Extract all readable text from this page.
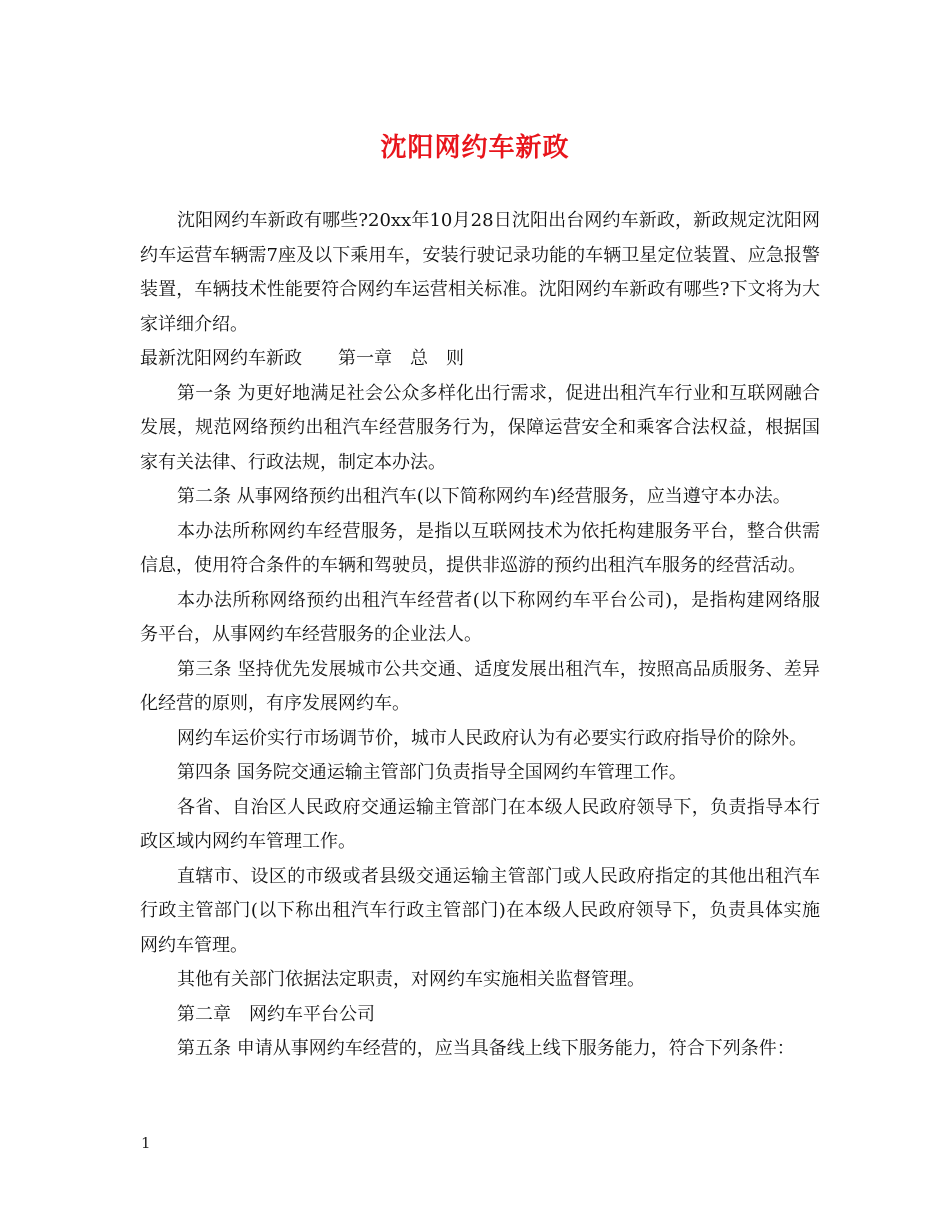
沈阳网约车新政

沈阳网约车新政有哪些?20xx年10月28日沈阳出台网约车新政，新政规定沈阳网约车运营车辆需7座及以下乘用车，安装行驶记录功能的车辆卫星定位装置、应急报警装置，车辆技术性能要符合网约车运营相关标准。沈阳网约车新政有哪些?下文将为大家详细介绍。

最新沈阳网约车新政　　第一章　总　则

第一条 为更好地满足社会公众多样化出行需求，促进出租汽车行业和互联网融合发展，规范网络预约出租汽车经营服务行为，保障运营安全和乘客合法权益，根据国家有关法律、行政法规，制定本办法。

第二条 从事网络预约出租汽车(以下简称网约车)经营服务，应当遵守本办法。

本办法所称网约车经营服务，是指以互联网技术为依托构建服务平台，整合供需信息，使用符合条件的车辆和驾驶员，提供非巡游的预约出租汽车服务的经营活动。

本办法所称网络预约出租汽车经营者(以下称网约车平台公司)，是指构建网络服务平台，从事网约车经营服务的企业法人。

第三条 坚持优先发展城市公共交通、适度发展出租汽车，按照高品质服务、差异化经营的原则，有序发展网约车。

网约车运价实行市场调节价，城市人民政府认为有必要实行政府指导价的除外。

第四条 国务院交通运输主管部门负责指导全国网约车管理工作。

各省、自治区人民政府交通运输主管部门在本级人民政府领导下，负责指导本行政区域内网约车管理工作。

直辖市、设区的市级或者县级交通运输主管部门或人民政府指定的其他出租汽车行政主管部门(以下称出租汽车行政主管部门)在本级人民政府领导下，负责具体实施网约车管理。

其他有关部门依据法定职责，对网约车实施相关监督管理。

第二章　网约车平台公司

第五条 申请从事网约车经营的，应当具备线上线下服务能力，符合下列条件：

1
